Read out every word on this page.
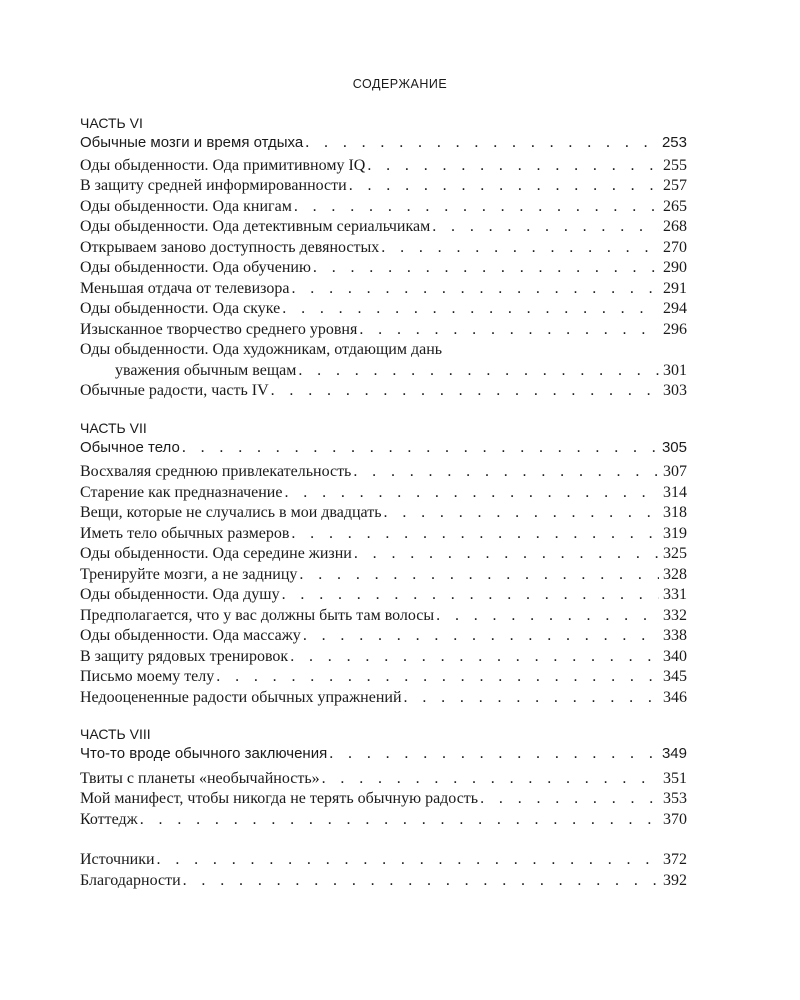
СОДЕРЖАНИЕ
ЧАСТЬ VI
Обычные мозги и время отдыха . . .	253
Оды обыденности. Ода примитивному IQ . . .	255
В защиту средней информированности . . .	257
Оды обыденности. Ода книгам . . .	265
Оды обыденности. Ода детективным сериальчикам . . .	268
Открываем заново доступность девяностых . . .	270
Оды обыденности. Ода обучению . . .	290
Меньшая отдача от телевизора . . .	291
Оды обыденности. Ода скуке . . .	294
Изысканное творчество среднего уровня . . .	296
Оды обыденности. Ода художникам, отдающим дань
уважения обычным вещам . . .	301
Обычные радости, часть IV . . .	303
ЧАСТЬ VII
Обычное тело . . .	305
Восхваляя среднюю привлекательность . . .	307
Старение как предназначение . . .	314
Вещи, которые не случались в мои двадцать . . .	318
Иметь тело обычных размеров . . .	319
Оды обыденности. Ода середине жизни . . .	325
Тренируйте мозги, а не задницу . . .	328
Оды обыденности. Ода душу . . .	331
Предполагается, что у вас должны быть там волосы . . .	332
Оды обыденности. Ода массажу . . .	338
В защиту рядовых тренировок . . .	340
Письмо моему телу . . .	345
Недооцененные радости обычных упражнений . . .	346
ЧАСТЬ VIII
Что-то вроде обычного заключения . . .	349
Твиты с планеты «необычайность» . . .	351
Мой манифест, чтобы никогда не терять обычную радость . . .	353
Коттедж . . .	370
Источники . . .	372
Благодарности . . .	392
